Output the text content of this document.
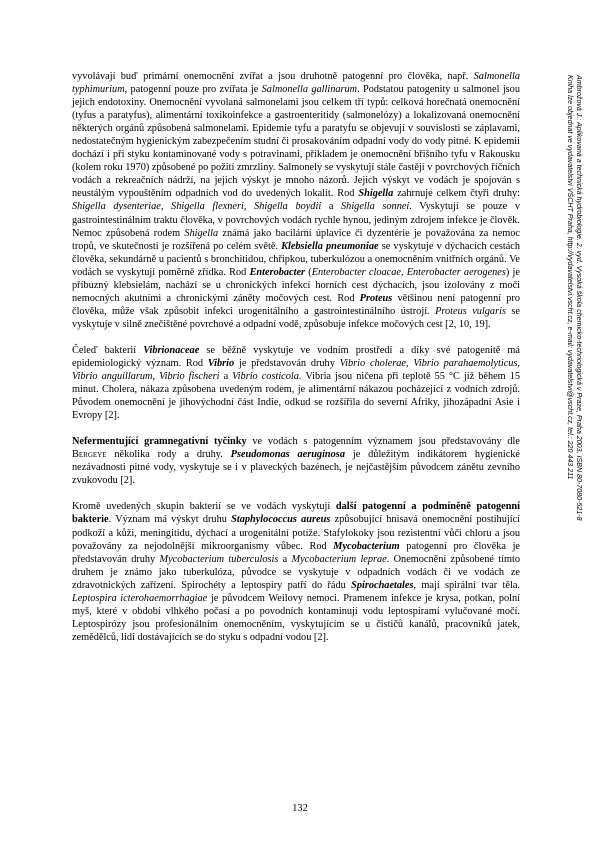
vyvolávají buď primární onemocnění zvířat a jsou druhotně patogenní pro člověka, např. Salmonella typhimurium, patogenní pouze pro zvířata je Salmonella gallinarum. Podstatou patogenity u salmonel jsou jejich endotoxiny. Onemocnění vyvolaná salmonelami jsou celkem tří typů: celková horečnatá onemocnění (tyfus a paratyfus), alimentární toxikoinfekce a gastroenteritidy (salmonelózy) a lokalizovaná onemocnění některých orgánů způsobená salmonelami. Epidemie tyfu a paratyfu se objevují v souvislosti se záplavami, nedostatečným hygienickým zabezpečením studní či prosakováním odpadní vody do vody pitné. K epidemii dochází i při styku kontaminované vody s potravinami, příkladem je onemocnění břišního tyfu v Rakousku (kolem roku 1970) způsobené po požití zmrzliny. Salmonely se vyskytují stále častěji v povrchových říčních vodách a rekreačních nádrží, na jejich výskyt je mnoho názorů. Jejich výskyt ve vodách je spojován s neustálým vypouštěním odpadních vod do uvedených lokalit. Rod Shigella zahrnuje celkem čtyři druhy: Shigella dysenteriae, Shigella flexneri, Shigella boydii a Shigella sonnei. Vyskytují se pouze v gastrointestinálním traktu člověka, v povrchových vodách rychle hynou, jediným zdrojem infekce je člověk. Nemoc způsobená rodem Shigella známá jako bacilární úplavice či dyzentérie je považována za nemoc tropů, ve skutečnosti je rozšířená po celém světě. Klebsiella pneumoniae se vyskytuje v dýchacích cestách člověka, sekundárně u pacientů s bronchitidou, chřipkou, tuberkulózou a onemocněním vnitřních orgánů. Ve vodách se vyskytují poměrně zřídka. Rod Enterobacter (Enterobacter cloacae, Enterobacter aerogenes) je příbuzný klebsielám, nachází se u chronických infekcí horních cest dýchacích, jsou izolovány z moči nemocných akutními a chronickými záněty močových cest. Rod Proteus většinou není patogenní pro člověka, může však způsobit infekci urogenitálního a gastrointestinálního ústrojí. Proteus vulgaris se vyskytuje v silně znečištěné povrchové a odpadní vodě, způsobuje infekce močových cest [2, 10, 19].

Čeleď bakterií Vibrionaceae se běžně vyskytuje ve vodním prostředí a díky své patogenitě má epidemiologický význam. Rod Vibrio je představován druhy Vibrio cholerae, Vibrio parahaemolyticus, Vibrio anguillarum, Vibrio fischeri a Vibrio costicola. Vibria jsou ničena při teplotě 55 °C již během 15 minut. Cholera, nákaza způsobena uvedeným rodem, je alimentární nákazou pocházející z vodních zdrojů. Původem onemocnění je jihovýchodní část Indie, odkud se rozšířila do severní Afriky, jihozápadní Asie i Evropy [2].

Nefermentující gramnegativní tyčinky ve vodách s patogenním významem jsou představovány dle Bergeye několika rody a druhy. Pseudomonas aeruginosa je důležitým indikátorem hygienické nezávadnosti pitné vody, vyskytuje se i v plaveckých bazénech, je nejčastějším původcem zánětu zevního zvukovodu [2].

Kromě uvedených skupin bakterií se ve vodách vyskytují další patogenní a podmíněně patogenní bakterie. Význam má výskyt druhu Staphylococcus aureus způsobující hnisavá onemocnění postihující podkoží a kůži, meningitidu, dýchací a urogenitální potíže. Stafylokoky jsou rezistentní vůči chloru a jsou považovány za nejodolnější mikroorganismy vůbec. Rod Mycobacterium patogenní pro člověka je představován druhy Mycobacterium tuberculosis a Mycobacterium leprae. Onemocnění způsobené tímto druhem je známo jako tuberkulóza, původce se vyskytuje v odpadních vodách či ve vodách ze zdravotnických zařízení. Spirochéty a leptospiry patří do řádu Spirochaetales, mají spirální tvar těla. Leptospira icterohaemorrhagiae je původcem Weilovy nemoci. Pramenem infekce je krysa, potkan, polní myš, které v období vlhkého počasí a po povodních kontaminují vodu leptospiramí vylučované močí. Leptospirózy jsou profesionálním onemocněním, vyskytujícím se u čističů kanálů, pracovníků jatek, zemědělců, lidí dostávajících se do styku s odpadní vodou [2].

Ambrožová J.: Aplikovaná a technická hydrobiologie. 2. vyd. Vysoká škola chemicko-technologická v Praze, Praha 2003. ISBN 80-7080-521-8
Kniha lze objednat ve vydavatelství VŠCHT Praha, http://vydavatelstvi.vscht.cz, e-mail: vydavatelstvi@vscht.cz, tel.: 220 443 211
132
